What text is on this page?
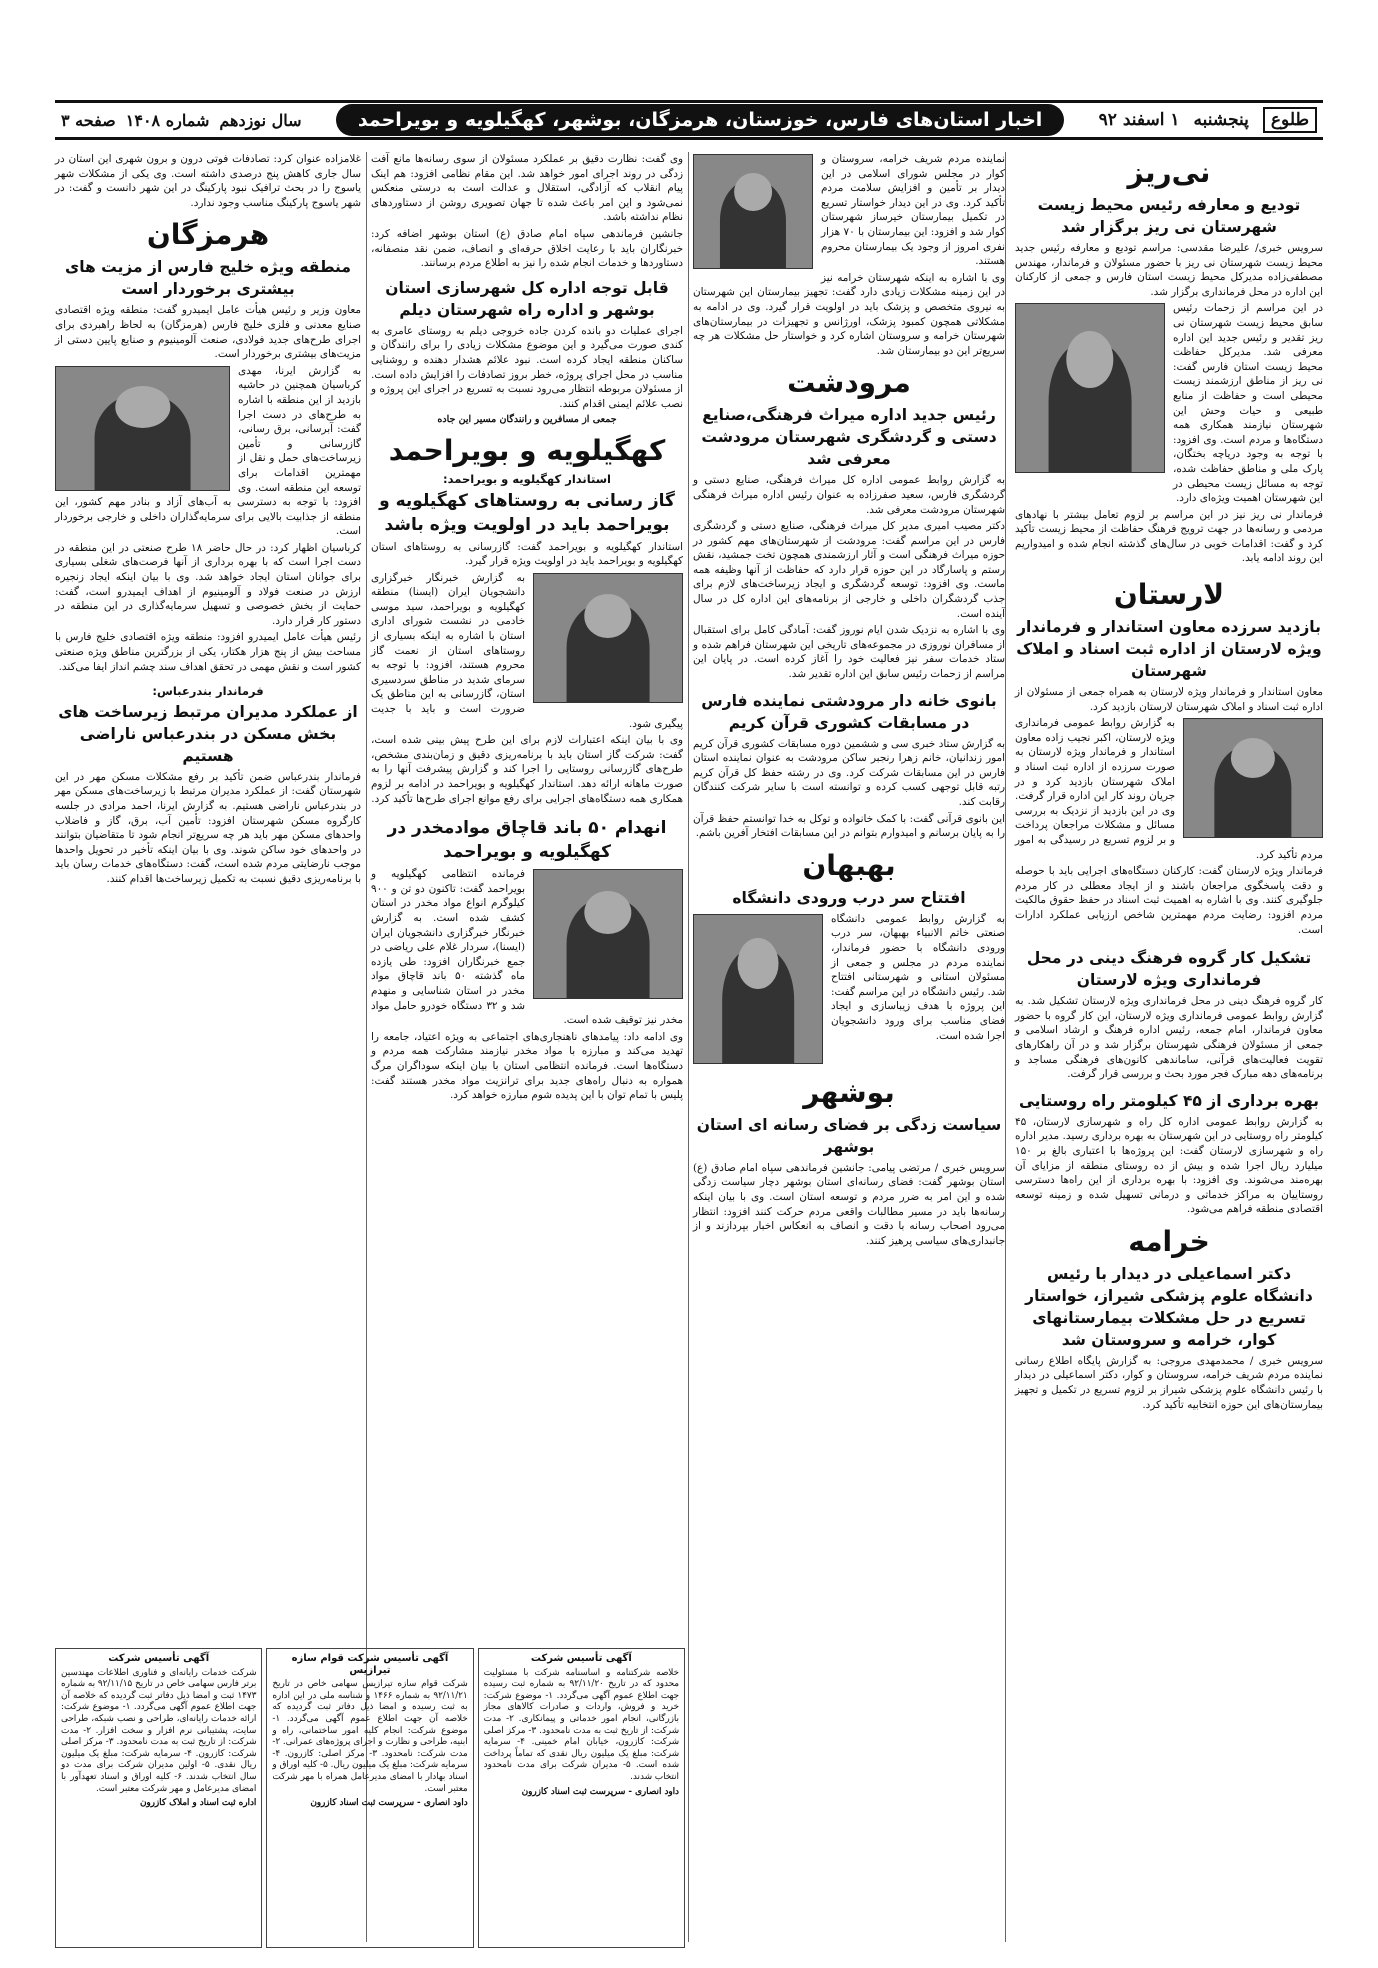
طلوع
پنجشنبه
۱ اسفند ۹۲
اخبار استان‌های فارس، خوزستان، هرمزگان، بوشهر، کهگیلویه و بویراحمد
سال نوزدهم
شماره ۱۴۰۸
صفحه ۳
نی‌ریز
تودیع و معارفه رئیس محیط زیست شهرستان نی ریز برگزار شد

سرویس خبری/ علیرضا مقدسی: مراسم تودیع و معارفه رئیس جدید محیط زیست شهرستان نی ریز با حضور مسئولان و فرماندار، مهندس مصطفی‌زاده مدیرکل محیط زیست استان فارس و جمعی از کارکنان این اداره در محل فرمانداری برگزار شد.

در این مراسم از زحمات رئیس سابق محیط زیست شهرستان نی ریز تقدیر و رئیس جدید این اداره معرفی شد. مدیرکل حفاظت محیط زیست استان فارس گفت: نی ریز از مناطق ارزشمند زیست محیطی است و حفاظت از منابع طبیعی و حیات وحش این شهرستان نیازمند همکاری همه دستگاه‌ها و مردم است. وی افزود: با توجه به وجود دریاچه بختگان، پارک ملی و مناطق حفاظت شده، توجه به مسائل زیست محیطی در این شهرستان اهمیت ویژه‌ای دارد.

فرماندار نی ریز نیز در این مراسم بر لزوم تعامل بیشتر با نهادهای مردمی و رسانه‌ها در جهت ترویج فرهنگ حفاظت از محیط زیست تأکید کرد و گفت: اقدامات خوبی در سال‌های گذشته انجام شده و امیدواریم این روند ادامه یابد.

لارستان
بازدید سرزده معاون استاندار و فرماندار ویژه لارستان از اداره ثبت اسناد و املاک شهرستان

معاون استاندار و فرماندار ویژه لارستان به همراه جمعی از مسئولان از اداره ثبت اسناد و املاک شهرستان لارستان بازدید کرد.

به گزارش روابط عمومی فرمانداری ویژه لارستان، اکبر نجیب زاده معاون استاندار و فرماندار ویژه لارستان به صورت سرزده از اداره ثبت اسناد و املاک شهرستان بازدید کرد و در جریان روند کار این اداره قرار گرفت. وی در این بازدید از نزدیک به بررسی مسائل و مشکلات مراجعان پرداخت و بر لزوم تسریع در رسیدگی به امور مردم تأکید کرد.

فرماندار ویژه لارستان گفت: کارکنان دستگاه‌های اجرایی باید با حوصله و دقت پاسخگوی مراجعان باشند و از ایجاد معطلی در کار مردم جلوگیری کنند. وی با اشاره به اهمیت ثبت اسناد در حفظ حقوق مالکیت مردم افزود: رضایت مردم مهمترین شاخص ارزیابی عملکرد ادارات است.

تشکیل کار گروه فرهنگ دینی در محل فرمانداری ویژه لارستان

کار گروه فرهنگ دینی در محل فرمانداری ویژه لارستان تشکیل شد. به گزارش روابط عمومی فرمانداری ویژه لارستان، این کار گروه با حضور معاون فرماندار، امام جمعه، رئیس اداره فرهنگ و ارشاد اسلامی و جمعی از مسئولان فرهنگی شهرستان برگزار شد و در آن راهکارهای تقویت فعالیت‌های قرآنی، ساماندهی کانون‌های فرهنگی مساجد و برنامه‌های دهه مبارک فجر مورد بحث و بررسی قرار گرفت.

بهره برداری از ۴۵ کیلومتر راه روستایی

به گزارش روابط عمومی اداره کل راه و شهرسازی لارستان، ۴۵ کیلومتر راه روستایی در این شهرستان به بهره برداری رسید. مدیر اداره راه و شهرسازی لارستان گفت: این پروژه‌ها با اعتباری بالغ بر ۱۵۰ میلیارد ریال اجرا شده و بیش از ده روستای منطقه از مزایای آن بهره‌مند می‌شوند. وی افزود: با بهره برداری از این راه‌ها دسترسی روستاییان به مراکز خدماتی و درمانی تسهیل شده و زمینه توسعه اقتصادی منطقه فراهم می‌شود.

خرامه
دکتر اسماعیلی در دیدار با رئیس دانشگاه علوم پزشکی شیراز، خواستار تسریع در حل مشکلات بیمارستانهای کوار، خرامه و سروستان شد

سرویس خبری / محمدمهدی مروجی: به گزارش پایگاه اطلاع رسانی نماینده مردم شریف خرامه، سروستان و کوار، دکتر اسماعیلی در دیدار با رئیس دانشگاه علوم پزشکی شیراز بر لزوم تسریع در تکمیل و تجهیز بیمارستان‌های این حوزه انتخابیه تأکید کرد.

نماینده مردم شریف خرامه، سروستان و کوار در مجلس شورای اسلامی در این دیدار بر تأمین و افزایش سلامت مردم تأکید کرد. وی در این دیدار خواستار تسریع در تکمیل بیمارستان خیرساز شهرستان کوار شد و افزود: این بیمارستان با ۷۰ هزار نفری امروز از وجود یک بیمارستان محروم هستند.

وی با اشاره به اینکه شهرستان خرامه نیز در این زمینه مشکلات زیادی دارد گفت: تجهیز بیمارستان این شهرستان به نیروی متخصص و پزشک باید در اولویت قرار گیرد. وی در ادامه به مشکلاتی همچون کمبود پزشک، اورژانس و تجهیزات در بیمارستان‌های شهرستان خرامه و سروستان اشاره کرد و خواستار حل مشکلات هر چه سریع‌تر این دو بیمارستان شد.

مرودشت
رئیس جدید اداره میراث فرهنگی،صنایع دستی و گردشگری شهرستان مرودشت معرفی شد

به گزارش روابط عمومی اداره کل میراث فرهنگی، صنایع دستی و گردشگری فارس، سعید صفرزاده به عنوان رئیس اداره میراث فرهنگی شهرستان مرودشت معرفی شد.

دکتر مصیب امیری مدیر کل میراث فرهنگی، صنایع دستی و گردشگری فارس در این مراسم گفت: مرودشت از شهرستان‌های مهم کشور در حوزه میراث فرهنگی است و آثار ارزشمندی همچون تخت جمشید، نقش رستم و پاسارگاد در این حوزه قرار دارد که حفاظت از آنها وظیفه همه ماست. وی افزود: توسعه گردشگری و ایجاد زیرساخت‌های لازم برای جذب گردشگران داخلی و خارجی از برنامه‌های این اداره کل در سال آینده است.

وی با اشاره به نزدیک شدن ایام نوروز گفت: آمادگی کامل برای استقبال از مسافران نوروزی در مجموعه‌های تاریخی این شهرستان فراهم شده و ستاد خدمات سفر نیز فعالیت خود را آغاز کرده است. در پایان این مراسم از زحمات رئیس سابق این اداره تقدیر شد.

بانوی خانه دار مرودشتی نماینده فارس در مسابقات کشوری قرآن کریم

به گزارش ستاد خبری سی و ششمین دوره مسابقات کشوری قرآن کریم امور زندانیان، خانم زهرا رنجبر ساکن مرودشت به عنوان نماینده استان فارس در این مسابقات شرکت کرد. وی در رشته حفظ کل قرآن کریم رتبه قابل توجهی کسب کرده و توانسته است با سایر شرکت کنندگان رقابت کند.

این بانوی قرآنی گفت: با کمک خانواده و توکل به خدا توانستم حفظ قرآن را به پایان برسانم و امیدوارم بتوانم در این مسابقات افتخار آفرین باشم.

بهبهان
افتتاح سر درب ورودی دانشگاه

به گزارش روابط عمومی دانشگاه صنعتی خاتم الانبیاء بهبهان، سر درب ورودی دانشگاه با حضور فرماندار، نماینده مردم در مجلس و جمعی از مسئولان استانی و شهرستانی افتتاح شد. رئیس دانشگاه در این مراسم گفت: این پروژه با هدف زیباسازی و ایجاد فضای مناسب برای ورود دانشجویان اجرا شده است.

بوشهر
سیاست زدگی بر فضای رسانه ای استان بوشهر

سرویس خبری / مرتضی پیامی: جانشین فرماندهی سپاه امام صادق (ع) استان بوشهر گفت: فضای رسانه‌ای استان بوشهر دچار سیاست زدگی شده و این امر به ضرر مردم و توسعه استان است. وی با بیان اینکه رسانه‌ها باید در مسیر مطالبات واقعی مردم حرکت کنند افزود: انتظار می‌رود اصحاب رسانه با دقت و انصاف به انعکاس اخبار بپردازند و از جانبداری‌های سیاسی پرهیز کنند.

وی گفت: نظارت دقیق بر عملکرد مسئولان از سوی رسانه‌ها مانع آفت زدگی در روند اجرای امور خواهد شد. این مقام نظامی افزود: هم اینک پیام انقلاب که آزادگی، استقلال و عدالت است به درستی منعکس نمی‌شود و این امر باعث شده تا جهان تصویری روشن از دستاوردهای نظام نداشته باشد.

جانشین فرماندهی سپاه امام صادق (ع) استان بوشهر اضافه کرد: خبرنگاران باید با رعایت اخلاق حرفه‌ای و انصاف، ضمن نقد منصفانه، دستاوردها و خدمات انجام شده را نیز به اطلاع مردم برسانند.

قابل توجه اداره کل شهرسازی استان بوشهر و اداره راه شهرستان دیلم

اجرای عملیات دو بانده کردن جاده خروجی دیلم به روستای عامری به کندی صورت می‌گیرد و این موضوع مشکلات زیادی را برای رانندگان و ساکنان منطقه ایجاد کرده است. نبود علائم هشدار دهنده و روشنایی مناسب در محل اجرای پروژه، خطر بروز تصادفات را افزایش داده است. از مسئولان مربوطه انتظار می‌رود نسبت به تسریع در اجرای این پروژه و نصب علائم ایمنی اقدام کنند.

جمعی از مسافرین و رانندگان مسیر این جاده

کهگیلویه و بویراحمد
استاندار کهگیلویه و بویراحمد:
گاز رسانی به روستاهای کهگیلویه و بویراحمد باید در اولویت ویژه باشد

استاندار کهگیلویه و بویراحمد گفت: گازرسانی به روستاهای استان کهگیلویه و بویراحمد باید در اولویت ویژه قرار گیرد.

به گزارش خبرنگار خبرگزاری دانشجویان ایران (ایسنا) منطقه کهگیلویه و بویراحمد، سید موسی خادمی در نشست شورای اداری استان با اشاره به اینکه بسیاری از روستاهای استان از نعمت گاز محروم هستند، افزود: با توجه به سرمای شدید در مناطق سردسیری استان، گازرسانی به این مناطق یک ضرورت است و باید با جدیت پیگیری شود.

وی با بیان اینکه اعتبارات لازم برای این طرح پیش بینی شده است، گفت: شرکت گاز استان باید با برنامه‌ریزی دقیق و زمان‌بندی مشخص، طرح‌های گازرسانی روستایی را اجرا کند و گزارش پیشرفت آنها را به صورت ماهانه ارائه دهد. استاندار کهگیلویه و بویراحمد در ادامه بر لزوم همکاری همه دستگاه‌های اجرایی برای رفع موانع اجرای طرح‌ها تأکید کرد.

انهدام ۵۰ باند قاچاق موادمخدر در کهگیلویه و بویراحمد

فرمانده انتظامی کهگیلویه و بویراحمد گفت: تاکنون دو تن و ۹۰۰ کیلوگرم انواع مواد مخدر در استان کشف شده است. به گزارش خبرنگار خبرگزاری دانشجویان ایران (ایسنا)، سردار غلام علی ریاضی در جمع خبرنگاران افزود: طی یازده ماه گذشته ۵۰ باند قاچاق مواد مخدر در استان شناسایی و منهدم شد و ۳۲ دستگاه خودرو حامل مواد مخدر نیز توقیف شده است.

وی ادامه داد: پیامدهای ناهنجاری‌های اجتماعی به ویژه اعتیاد، جامعه را تهدید می‌کند و مبارزه با مواد مخدر نیازمند مشارکت همه مردم و دستگاه‌ها است. فرمانده انتظامی استان با بیان اینکه سوداگران مرگ همواره به دنبال راه‌های جدید برای ترانزیت مواد مخدر هستند گفت: پلیس با تمام توان با این پدیده شوم مبارزه خواهد کرد.

غلامزاده عنوان کرد: تصادفات فوتی درون و برون شهری این استان در سال جاری کاهش پنج درصدی داشته است. وی یکی از مشکلات شهر یاسوج را در بحث ترافیک نبود پارکینگ در این شهر دانست و گفت: در شهر یاسوج پارکینگ مناسب وجود ندارد.

هرمزگان
منطقه ویژه خلیج فارس از مزیت های بیشتری برخوردار است

معاون وزیر و رئیس هیأت عامل ایمیدرو گفت: منطقه ویژه اقتصادی صنایع معدنی و فلزی خلیج فارس (هرمزگان) به لحاظ راهبردی برای اجرای طرح‌های جدید فولادی، صنعت آلومینیوم و صنایع پایین دستی از مزیت‌های بیشتری برخوردار است.

به گزارش ایرنا، مهدی کرباسیان همچنین در حاشیه بازدید از این منطقه با اشاره به طرح‌های در دست اجرا گفت: آبرسانی، برق رسانی، گازرسانی و تأمین زیرساخت‌های حمل و نقل از مهمترین اقدامات برای توسعه این منطقه است. وی افزود: با توجه به دسترسی به آب‌های آزاد و بنادر مهم کشور، این منطقه از جذابیت بالایی برای سرمایه‌گذاران داخلی و خارجی برخوردار است.

کرباسیان اظهار کرد: در حال حاضر ۱۸ طرح صنعتی در این منطقه در دست اجرا است که با بهره برداری از آنها فرصت‌های شغلی بسیاری برای جوانان استان ایجاد خواهد شد. وی با بیان اینکه ایجاد زنجیره ارزش در صنعت فولاد و آلومینیوم از اهداف ایمیدرو است، گفت: حمایت از بخش خصوصی و تسهیل سرمایه‌گذاری در این منطقه در دستور کار قرار دارد.

رئیس هیأت عامل ایمیدرو افزود: منطقه ویژه اقتصادی خلیج فارس با مساحت بیش از پنج هزار هکتار، یکی از بزرگترین مناطق ویژه صنعتی کشور است و نقش مهمی در تحقق اهداف سند چشم انداز ایفا می‌کند.

فرماندار بندرعباس:
از عملکرد مدیران مرتبط زیرساخت های بخش مسکن در بندرعباس ناراضی هستیم

فرماندار بندرعباس ضمن تأکید بر رفع مشکلات مسکن مهر در این شهرستان گفت: از عملکرد مدیران مرتبط با زیرساخت‌های مسکن مهر در بندرعباس ناراضی هستیم. به گزارش ایرنا، احمد مرادی در جلسه کارگروه مسکن شهرستان افزود: تأمین آب، برق، گاز و فاضلاب واحدهای مسکن مهر باید هر چه سریع‌تر انجام شود تا متقاضیان بتوانند در واحدهای خود ساکن شوند. وی با بیان اینکه تأخیر در تحویل واحدها موجب نارضایتی مردم شده است، گفت: دستگاه‌های خدمات رسان باید با برنامه‌ریزی دقیق نسبت به تکمیل زیرساخت‌ها اقدام کنند.

آگهی تأسیس شرکت
شرکت خدمات رایانه‌ای و فناوری اطلاعات مهندسین برتر فارس سهامی خاص در تاریخ ۹۲/۱۱/۱۵ به شماره ۱۴۷۳ ثبت و امضا ذیل دفاتر ثبت گردیده که خلاصه آن جهت اطلاع عموم آگهی می‌گردد. ۱- موضوع شرکت: ارائه خدمات رایانه‌ای، طراحی و نصب شبکه، طراحی سایت، پشتیبانی نرم افزار و سخت افزار. ۲- مدت شرکت: از تاریخ ثبت به مدت نامحدود. ۳- مرکز اصلی شرکت: کازرون. ۴- سرمایه شرکت: مبلغ یک میلیون ریال نقدی. ۵- اولین مدیران شرکت برای مدت دو سال انتخاب شدند. ۶- کلیه اوراق و اسناد تعهدآور با امضای مدیرعامل و مهر شرکت معتبر است.
اداره ثبت اسناد و املاک کازرون
آگهی تأسیس شرکت قوام سازه تیرازیس
شرکت قوام سازه تیرازیس سهامی خاص در تاریخ ۹۲/۱۱/۲۱ به شماره ۱۴۶۶ و شناسه ملی در این اداره به ثبت رسیده و امضا ذیل دفاتر ثبت گردیده که خلاصه آن جهت اطلاع عموم آگهی می‌گردد. ۱- موضوع شرکت: انجام کلیه امور ساختمانی، راه و ابنیه، طراحی و نظارت و اجرای پروژه‌های عمرانی. ۲- مدت شرکت: نامحدود. ۳- مرکز اصلی: کازرون. ۴- سرمایه شرکت: مبلغ یک میلیون ریال. ۵- کلیه اوراق و اسناد بهادار با امضای مدیرعامل همراه با مهر شرکت معتبر است.
داود انصاری - سرپرست ثبت اسناد کازرون
آگهی تأسیس شرکت
خلاصه شرکتنامه و اساسنامه شرکت با مسئولیت محدود که در تاریخ ۹۲/۱۱/۲۰ به شماره ثبت رسیده جهت اطلاع عموم آگهی می‌گردد. ۱- موضوع شرکت: خرید و فروش، واردات و صادرات کالاهای مجاز بازرگانی، انجام امور خدماتی و پیمانکاری. ۲- مدت شرکت: از تاریخ ثبت به مدت نامحدود. ۳- مرکز اصلی شرکت: کازرون، خیابان امام خمینی. ۴- سرمایه شرکت: مبلغ یک میلیون ریال نقدی که تماماً پرداخت شده است. ۵- مدیران شرکت برای مدت نامحدود انتخاب شدند.
داود انصاری - سرپرست ثبت اسناد کازرون
